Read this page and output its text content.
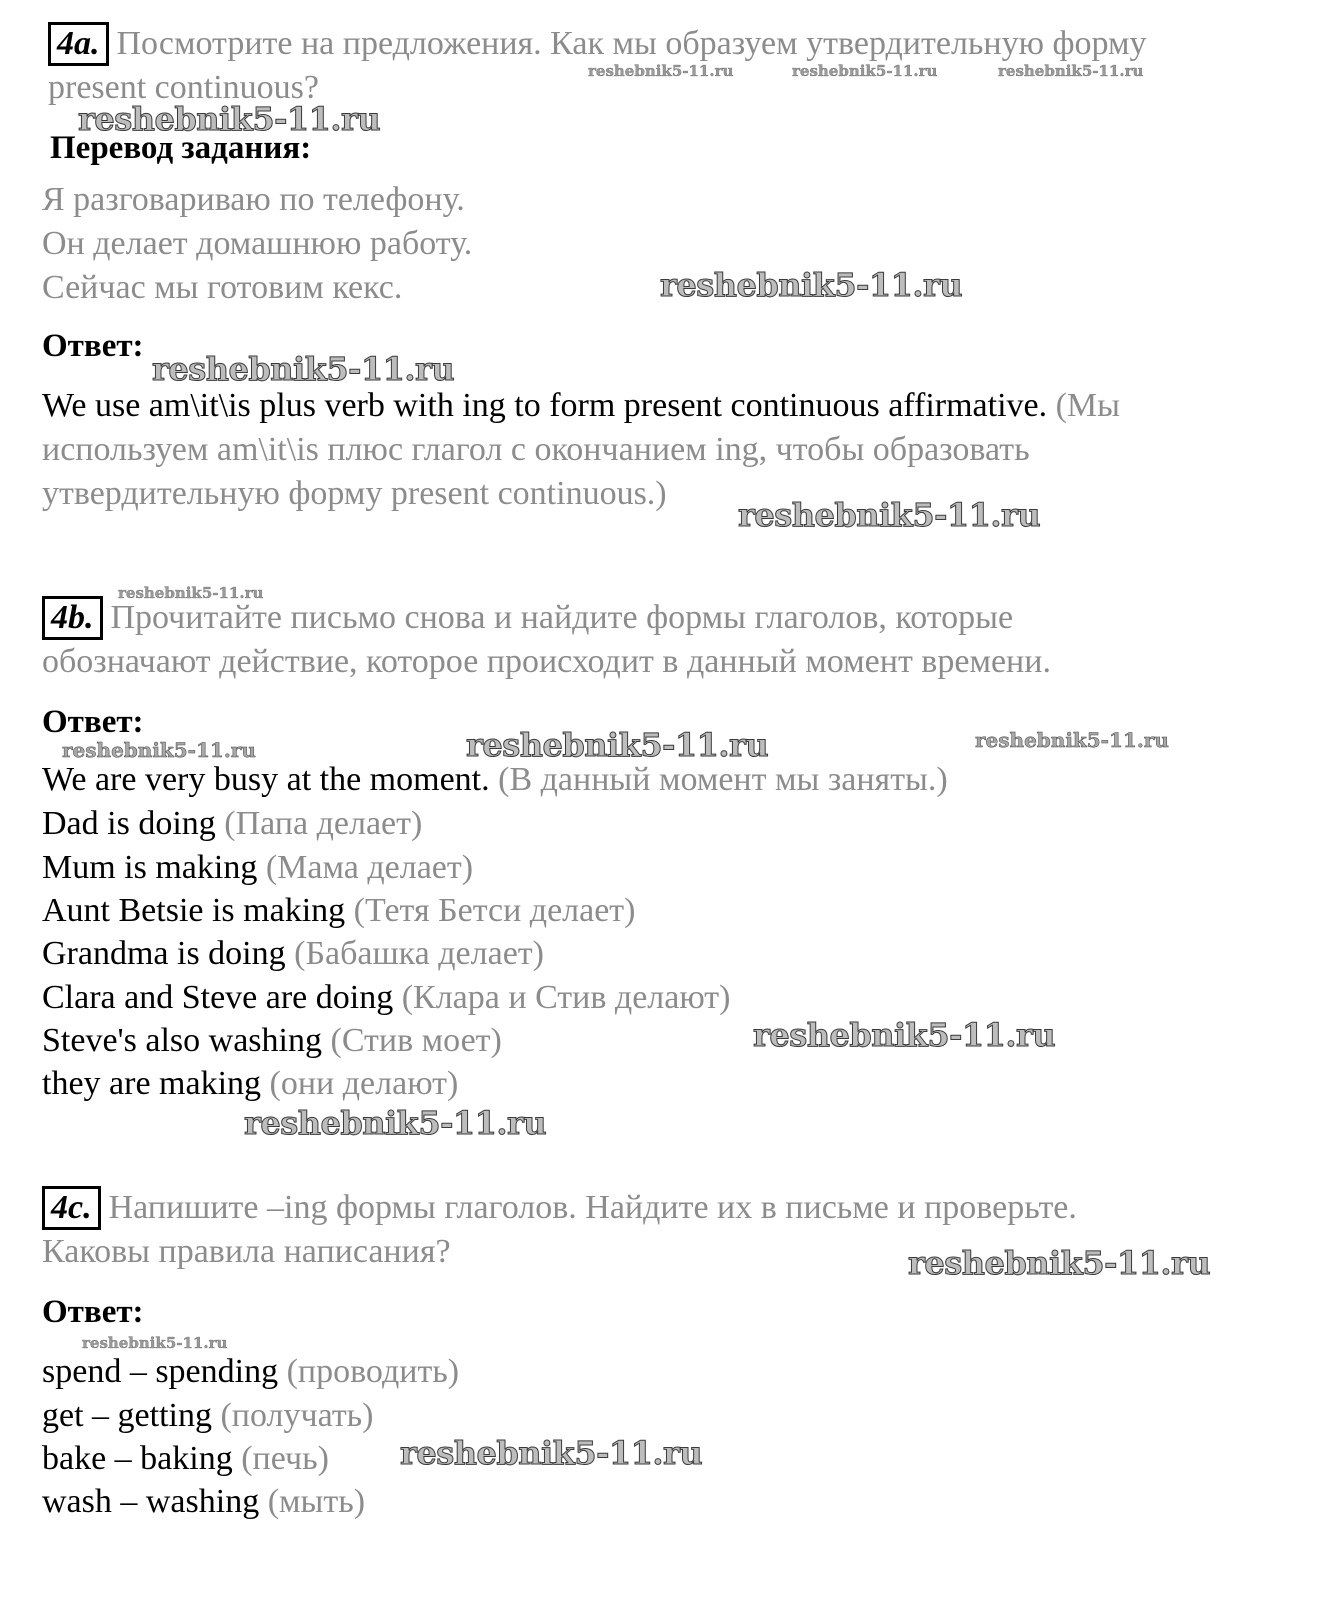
4a. Посмотрите на предложения. Как мы образуем утвердительную форму
present continuous?	reshebnik5-11.ru	reshebnik5-11.ru	reshebnik5-11.ru
reshebnik5-11.ru
Перевод задания:
Я разговариваю по телефону.
Он делает домашнюю работу.
Сейчас мы готовим кекс.	reshebnik5-11.ru
Ответ:
reshebnik5-11.ru
We use am\it\is plus verb with ing to form present continuous affirmative. (Мы
используем am\it\is плюс глагол с окончанием ing, чтобы образовать
утвердительную форму present continuous.)
reshebnik5-11.ru
reshebnik5-11.ru
4b. Прочитайте письмо снова и найдите формы глаголов, которые
обозначают действие, которое происходит в данный момент времени.
Ответ:
reshebnik5-11.ru	reshebnik5-11.ru	reshebnik5-11.ru
We are very busy at the moment. (В данный момент мы заняты.)
Dad is doing (Папа делает)
Mum is making (Мама делает)
Aunt Betsie is making (Тетя Бетси делает)
Grandma is doing (Бабашка делает)
Clara and Steve are doing (Клара и Стив делают)
Steve's also washing (Стив моет)	reshebnik5-11.ru
they are making (они делают)
reshebnik5-11.ru
4c. Напишите –ing формы глаголов. Найдите их в письме и проверьте.
Каковы правила написания?	reshebnik5-11.ru
Ответ:
reshebnik5-11.ru
spend – spending (проводить)
get – getting (получать)
bake – baking (печь) reshebnik5-11.ru
wash – washing (мыть)
